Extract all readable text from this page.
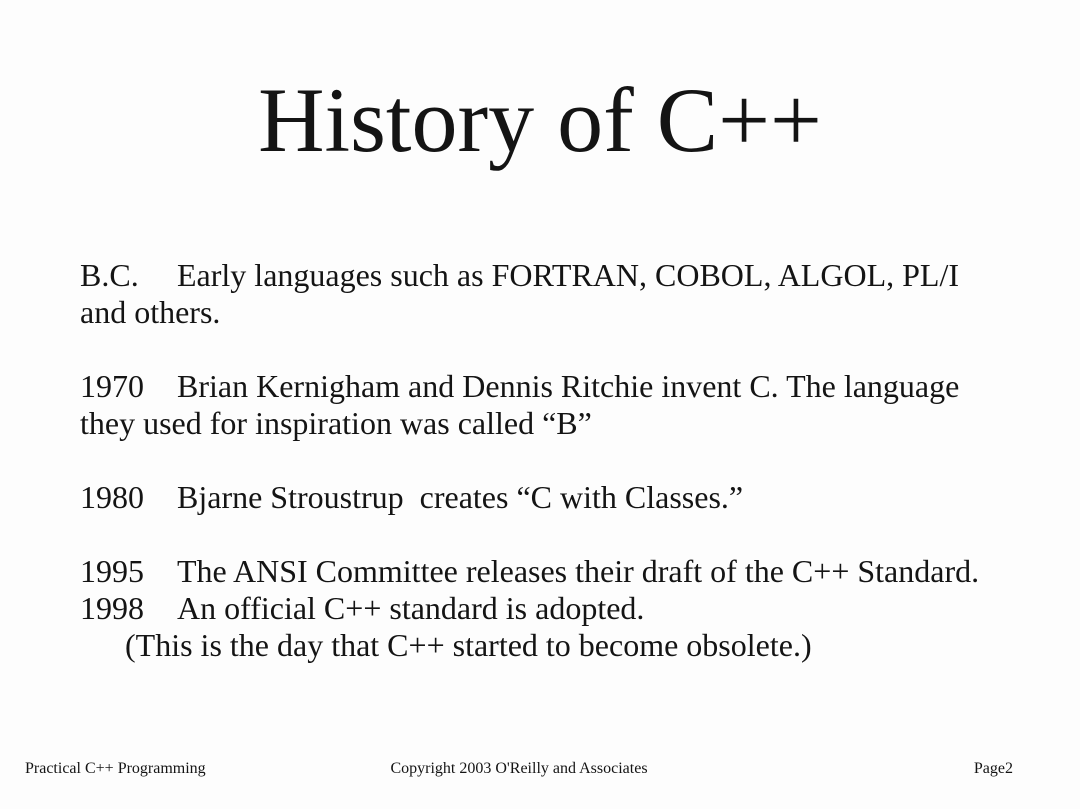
History of C++

B.C. Early languages such as FORTRAN, COBOL, ALGOL, PL/I and others.

1970 Brian Kernigham and Dennis Ritchie invent C. The language they used for inspiration was called “B”

1980 Bjarne Stroustrup  creates “C with Classes.”

1995 The ANSI Committee releases their draft of the C++ Standard.

1998 An official C++ standard is adopted.

(This is the day that C++ started to become obsolete.)

Practical C++ Programming	Copyright 2003 O'Reilly and Associates	Page2
